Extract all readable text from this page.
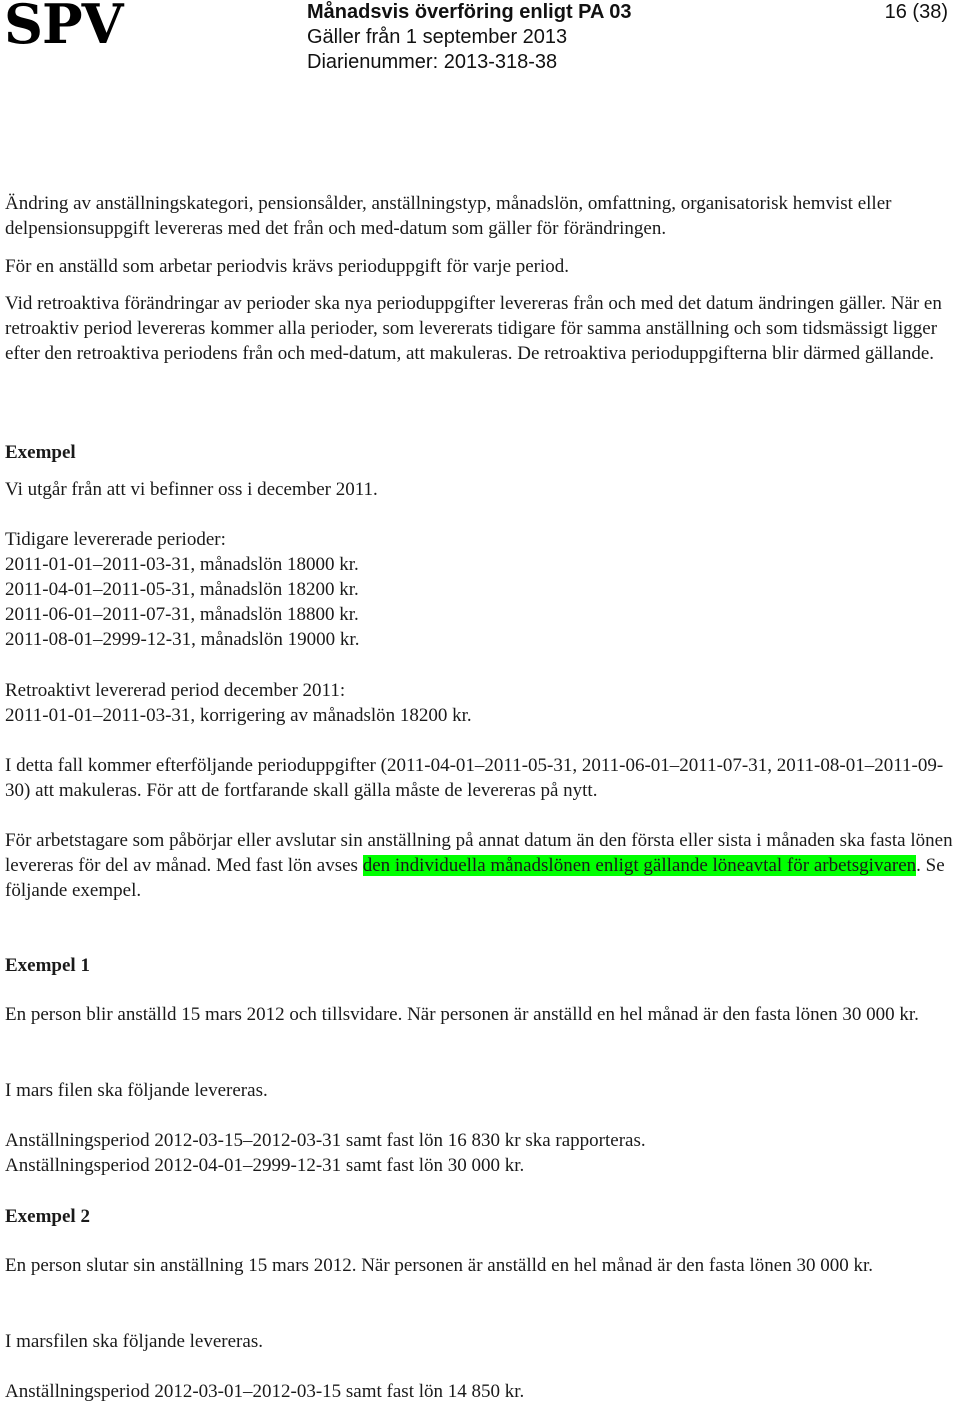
SPV	Månadsvis överföring enligt PA 03
Gäller från 1 september 2013
Diarienummer: 2013-318-38
16 (38)

Ändring av anställningskategori, pensionsålder, anställningstyp, månadslön, omfattning, organisatorisk hemvist eller delpensionsuppgift levereras med det från och med-datum som gäller för förändringen.

För en anställd som arbetar periodvis krävs perioduppgift för varje period.

Vid retroaktiva förändringar av perioder ska nya perioduppgifter levereras från och med det datum ändringen gäller. När en retroaktiv period levereras kommer alla perioder, som levererats tidigare för samma anställning och som tidsmässigt ligger efter den retroaktiva periodens från och med-datum, att makuleras. De retroaktiva perioduppgifterna blir därmed gällande.

Exempel

Vi utgår från att vi befinner oss i december 2011.

Tidigare levererade perioder:

2011-01-01–2011-03-31, månadslön 18000 kr.

2011-04-01–2011-05-31, månadslön 18200 kr.

2011-06-01–2011-07-31, månadslön 18800 kr.

2011-08-01–2999-12-31, månadslön 19000 kr.

Retroaktivt levererad period december 2011:

2011-01-01–2011-03-31, korrigering av månadslön 18200 kr.

I detta fall kommer efterföljande perioduppgifter (2011-04-01–2011-05-31, 2011-06-01–2011-07-31, 2011-08-01–2011-09-30) att makuleras. För att de fortfarande skall gälla måste de levereras på nytt.

För arbetstagare som påbörjar eller avslutar sin anställning på annat datum än den första eller sista i månaden ska fasta lönen levereras för del av månad. Med fast lön avses den individuella månadslönen enligt gällande löneavtal för arbetsgivaren. Se följande exempel.

Exempel 1

En person blir anställd 15 mars 2012 och tillsvidare. När personen är anställd en hel månad är den fasta lönen 30 000 kr.

I mars filen ska följande levereras.

Anställningsperiod 2012-03-15–2012-03-31 samt fast lön 16 830 kr ska rapporteras.

Anställningsperiod 2012-04-01–2999-12-31 samt fast lön 30 000 kr.

Exempel 2

En person slutar sin anställning 15 mars 2012. När personen är anställd en hel månad är den fasta lönen 30 000 kr.

I marsfilen ska följande levereras.

Anställningsperiod 2012-03-01–2012-03-15 samt fast lön 14 850 kr.
